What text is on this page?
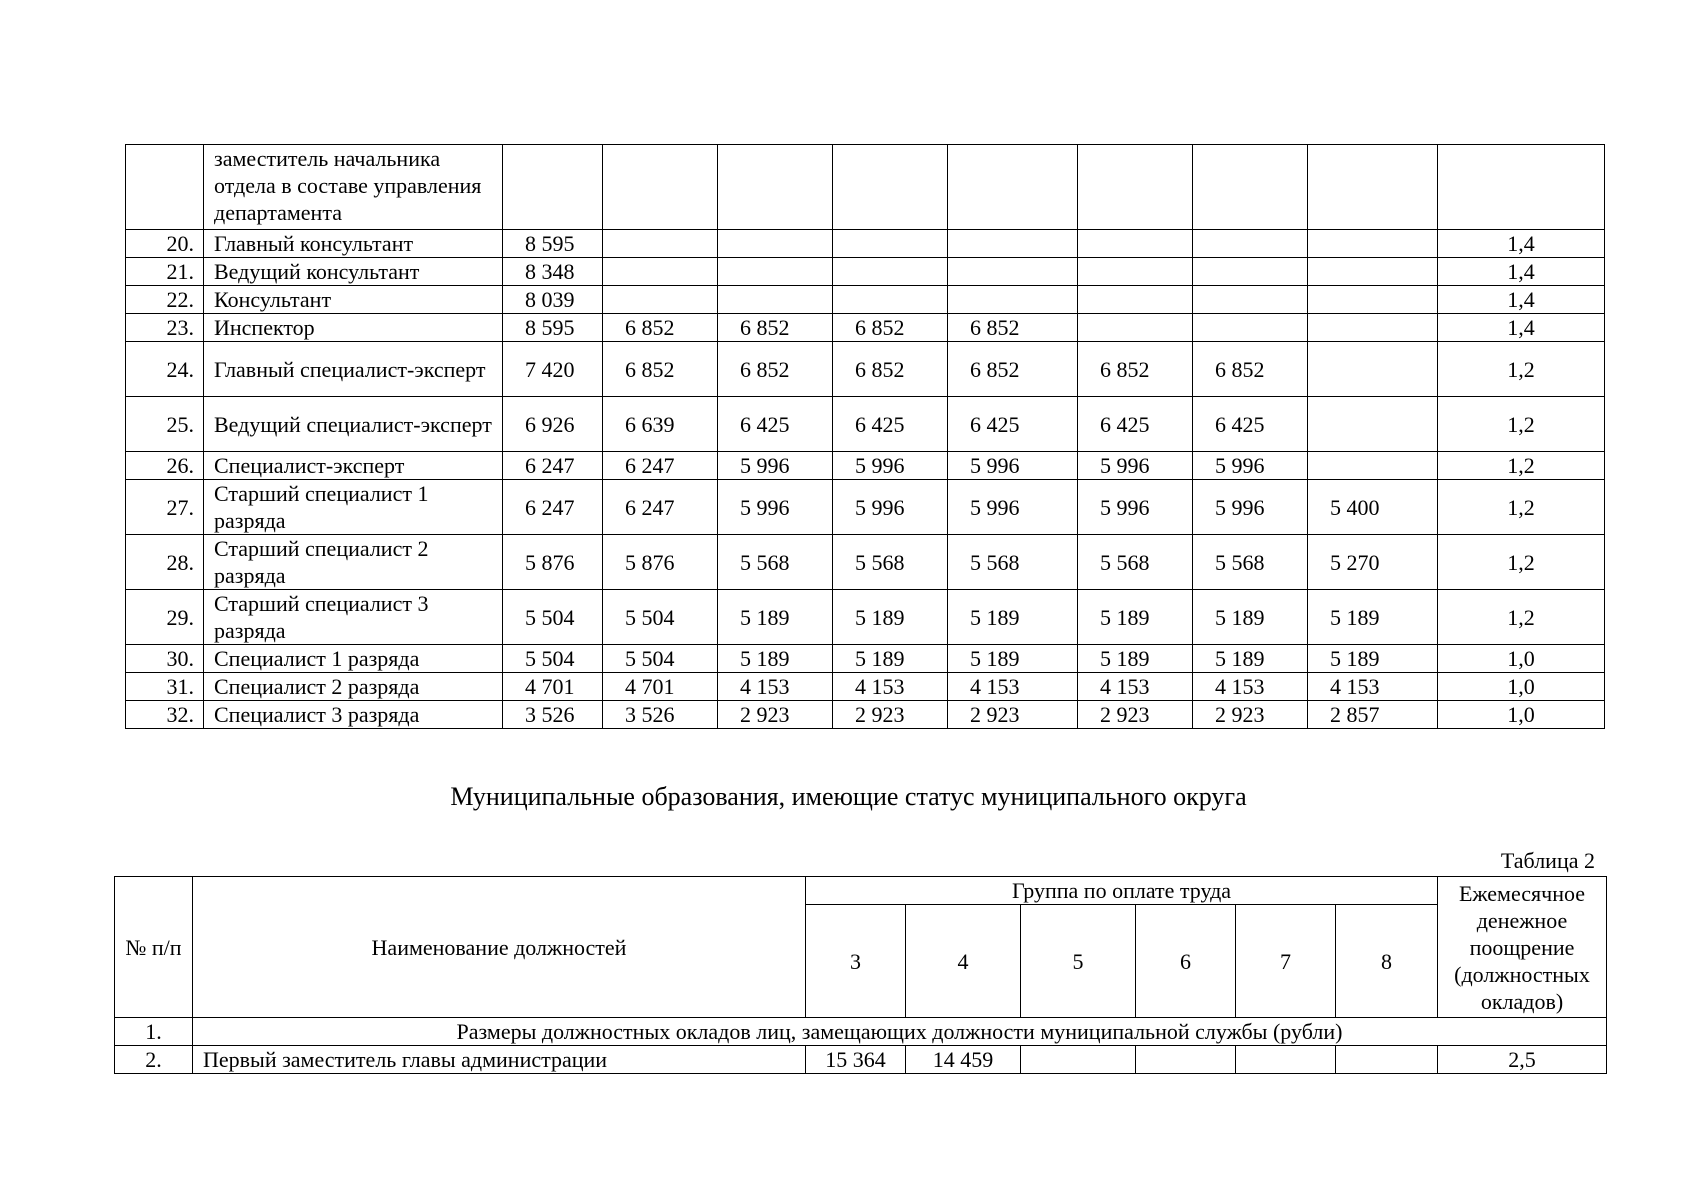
	заместитель начальника отдела в составе управления департамента									
20.	Главный консультант	8 595								1,4
21.	Ведущий консультант	8 348								1,4
22.	Консультант	8 039								1,4
23.	Инспектор	8 595	6 852	6 852	6 852	6 852				1,4
24.	Главный специалист-эксперт	7 420	6 852	6 852	6 852	6 852	6 852	6 852		1,2
25.	Ведущий специалист-эксперт	6 926	6 639	6 425	6 425	6 425	6 425	6 425		1,2
26.	Специалист-эксперт	6 247	6 247	5 996	5 996	5 996	5 996	5 996		1,2
27.	Старший специалист 1 разряда	6 247	6 247	5 996	5 996	5 996	5 996	5 996	5 400	1,2
28.	Старший специалист 2 разряда	5 876	5 876	5 568	5 568	5 568	5 568	5 568	5 270	1,2
29.	Старший специалист 3 разряда	5 504	5 504	5 189	5 189	5 189	5 189	5 189	5 189	1,2
30.	Специалист 1 разряда	5 504	5 504	5 189	5 189	5 189	5 189	5 189	5 189	1,0
31.	Специалист 2 разряда	4 701	4 701	4 153	4 153	4 153	4 153	4 153	4 153	1,0
32.	Специалист 3 разряда	3 526	3 526	2 923	2 923	2 923	2 923	2 923	2 857	1,0
Муниципальные образования, имеющие статус муниципального округа
Таблица 2
№ п/п	Наименование должностей	Группа по оплате труда						Ежемесячное денежное поощрение (должностных окладов)
		3	4	5	6	7	8	
1.	Размеры должностных окладов лиц, замещающих должности муниципальной службы (рубли)							
2.	Первый заместитель главы администрации	15 364	14 459					2,5
